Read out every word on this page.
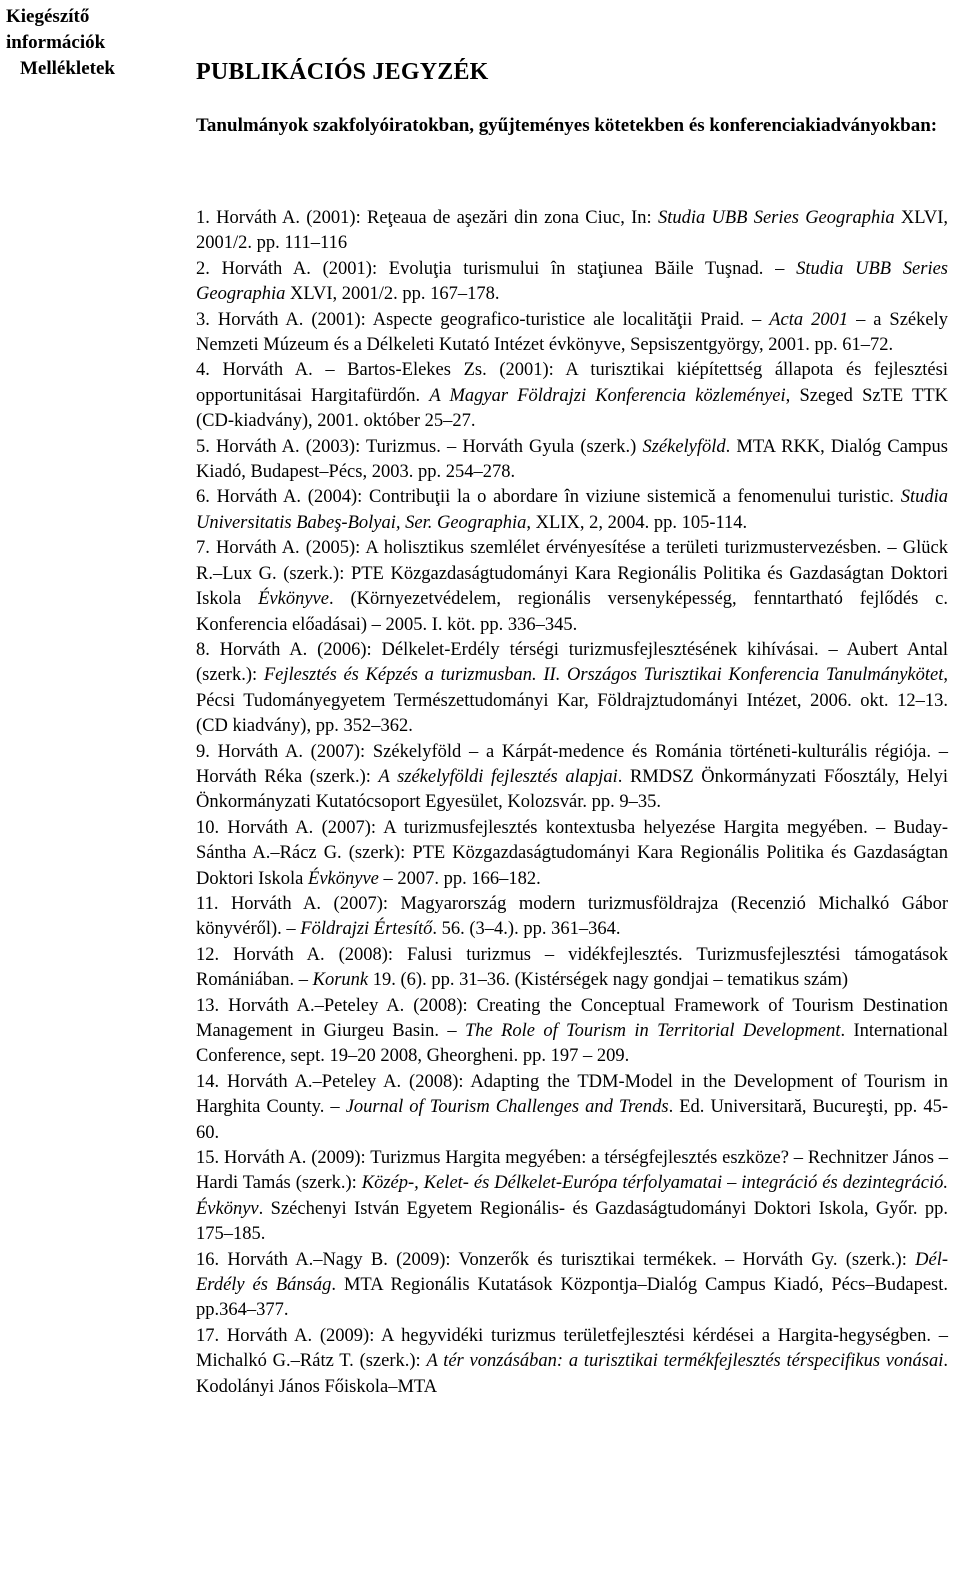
Kiegészítő
információk
Mellékletek	PUBLIKÁCIÓS JEGYZÉK
Tanulmányok szakfolyóiratokban, gyűjteményes kötetekben és konferenciakiadványokban:

1. Horváth A. (2001): Reţeaua de aşezări din zona Ciuc, In: Studia UBB Series Geographia XLVI, 2001/2. pp. 111–116

2. Horváth A. (2001): Evoluţia turismului în staţiunea Băile Tuşnad. – Studia UBB Series Geographia XLVI, 2001/2. pp. 167–178.

3. Horváth A. (2001): Aspecte geografico-turistice ale localităţii Praid. – Acta 2001 – a Székely Nemzeti Múzeum és a Délkeleti Kutató Intézet évkönyve, Sepsiszentgyörgy, 2001. pp. 61–72.

4. Horváth A. – Bartos-Elekes Zs. (2001): A turisztikai kiépítettség állapota és fejlesztési opportunitásai Hargitafürdőn. A Magyar Földrajzi Konferencia közleményei, Szeged SzTE TTK (CD-kiadvány), 2001. október 25–27.

5. Horváth A. (2003): Turizmus. – Horváth Gyula (szerk.) Székelyföld. MTA RKK, Dialóg Campus Kiadó, Budapest–Pécs, 2003. pp. 254–278.

6. Horváth A. (2004): Contribuţii la o abordare în viziune sistemică a fenomenului turistic. Studia Universitatis Babeş-Bolyai, Ser. Geographia, XLIX, 2, 2004. pp. 105-114.

7. Horváth A. (2005): A holisztikus szemlélet érvényesítése a területi turizmustervezésben. – Glück R.–Lux G. (szerk.): PTE Közgazdaságtudományi Kara Regionális Politika és Gazdaságtan Doktori Iskola Évkönyve. (Környezetvédelem, regionális versenyképesség, fenntartható fejlődés c. Konferencia előadásai) – 2005. I. köt. pp. 336–345.

8. Horváth A. (2006): Délkelet-Erdély térségi turizmusfejlesztésének kihívásai. – Aubert Antal (szerk.): Fejlesztés és Képzés a turizmusban. II. Országos Turisztikai Konferencia Tanulmánykötet, Pécsi Tudományegyetem Természettudományi Kar, Földrajztudományi Intézet, 2006. okt. 12–13. (CD kiadvány), pp. 352–362.

9. Horváth A. (2007): Székelyföld – a Kárpát-medence és Románia történeti-kulturális régiója. – Horváth Réka (szerk.): A székelyföldi fejlesztés alapjai. RMDSZ Önkormányzati Főosztály, Helyi Önkormányzati Kutatócsoport Egyesület, Kolozsvár. pp. 9–35.

10. Horváth A. (2007): A turizmusfejlesztés kontextusba helyezése Hargita megyében. – Buday-Sántha A.–Rácz G. (szerk): PTE Közgazdaságtudományi Kara Regionális Politika és Gazdaságtan Doktori Iskola Évkönyve – 2007. pp. 166–182.

11. Horváth A. (2007): Magyarország modern turizmusföldrajza (Recenzió Michalkó Gábor könyvéről). – Földrajzi Értesítő. 56. (3–4.). pp. 361–364.

12. Horváth A. (2008): Falusi turizmus – vidékfejlesztés. Turizmusfejlesztési támogatások Romániában. – Korunk 19. (6). pp. 31–36. (Kistérségek nagy gondjai – tematikus szám)

13. Horváth A.–Peteley A. (2008): Creating the Conceptual Framework of Tourism Destination Management in Giurgeu Basin. – The Role of Tourism in Territorial Development. International Conference, sept. 19–20 2008, Gheorgheni. pp. 197 – 209.

14. Horváth A.–Peteley A. (2008): Adapting the TDM-Model in the Development of Tourism in Harghita County. – Journal of Tourism Challenges and Trends. Ed. Universitară, Bucureşti, pp. 45-60.

15. Horváth A. (2009): Turizmus Hargita megyében: a térségfejlesztés eszköze? – Rechnitzer János – Hardi Tamás (szerk.): Közép-, Kelet- és Délkelet-Európa térfolyamatai – integráció és dezintegráció. Évkönyv. Széchenyi István Egyetem Regionális- és Gazdaságtudományi Doktori Iskola, Győr. pp. 175–185.

16. Horváth A.–Nagy B. (2009): Vonzerők és turisztikai termékek. – Horváth Gy. (szerk.): Dél-Erdély és Bánság. MTA Regionális Kutatások Központja–Dialóg Campus Kiadó, Pécs–Budapest. pp.364–377.

17. Horváth A. (2009): A hegyvidéki turizmus területfejlesztési kérdései a Hargita-hegységben. – Michalkó G.–Rátz T. (szerk.): A tér vonzásában: a turisztikai termékfejlesztés térspecifikus vonásai. Kodolányi János Főiskola–MTA
